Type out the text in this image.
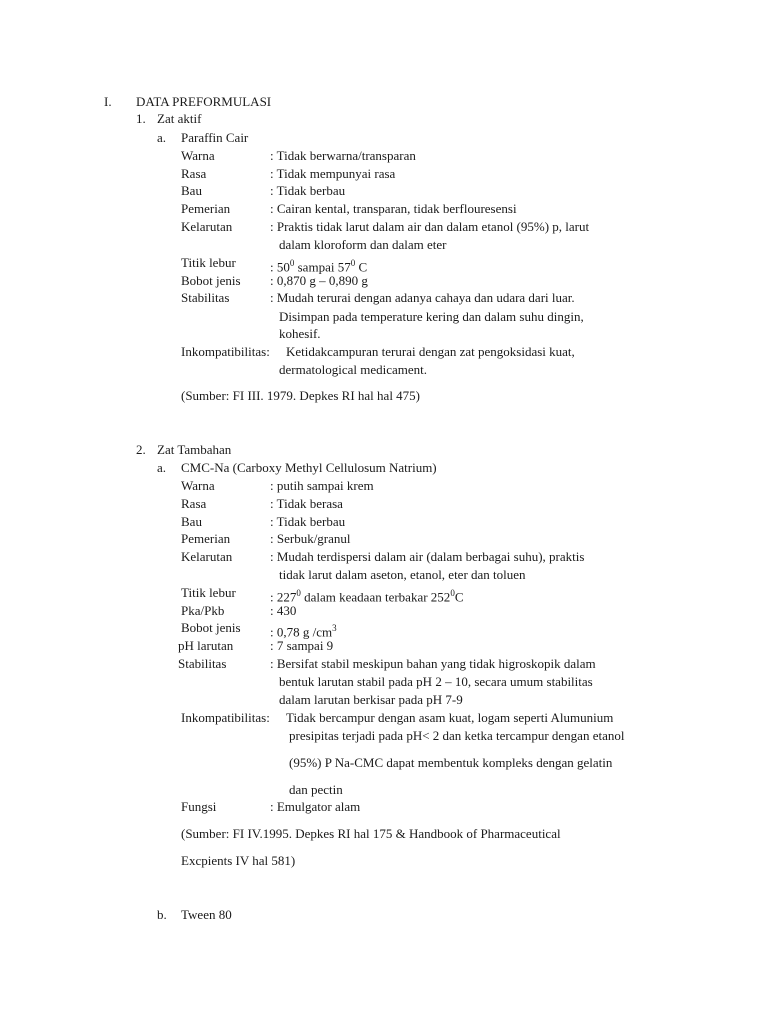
I. DATA PREFORMULASI
1. Zat aktif
a. Paraffin Cair
Warna	: Tidak berwarna/transparan
Rasa	: Tidak mempunyai rasa
Bau	: Tidak berbau
Pemerian	: Cairan kental, transparan, tidak berflouresensi
Kelarutan	: Praktis tidak larut dalam air dan dalam etanol (95%) p, larut
dalam kloroform dan dalam eter
Titik lebur	: $50^0$ sampai $57^0$ C
Bobot jenis : 0,870 g – 0,890 g
Stabilitas	: Mudah terurai dengan adanya cahaya dan udara dari luar.
Disimpan pada temperature kering dan dalam suhu dingin,
kohesif.
Inkompatibilitas: Ketidakcampuran terurai dengan zat pengoksidasi kuat,
dermatological medicament.
(Sumber: FI III. 1979. Depkes RI hal hal 475)
2. Zat Tambahan
a. CMC-Na (Carboxy Methyl Cellulosum Natrium)
Warna	: putih sampai krem
Rasa	: Tidak berasa
Bau	: Tidak berbau
Pemerian	: Serbuk/granul
Kelarutan	: Mudah terdispersi dalam air (dalam berbagai suhu), praktis
tidak larut dalam aseton, etanol, eter dan toluen
Titik lebur	: $227^0$ dalam keadaan terbakar $252^0C$
Pka/Pkb	: 430
Bobot jenis : 0,78 g $/cm^3$
pH larutan	: 7 sampai 9
Stabilitas	: Bersifat stabil meskipun bahan yang tidak higroskopik dalam
bentuk larutan stabil pada pH 2 – 10, secara umum stabilitas
dalam larutan berkisar pada pH 7-9
Inkompatibilitas: Tidak bercampur dengan asam kuat, logam seperti Alumunium
presipitas terjadi pada pH< 2 dan ketka tercampur dengan etanol
(95%) P Na-CMC dapat membentuk kompleks dengan gelatin
dan pectin
Fungsi	: Emulgator alam
(Sumber: FI IV.1995. Depkes RI hal 175 & Handbook of Pharmaceutical
Excpients IV hal 581)
b. Tween 80
